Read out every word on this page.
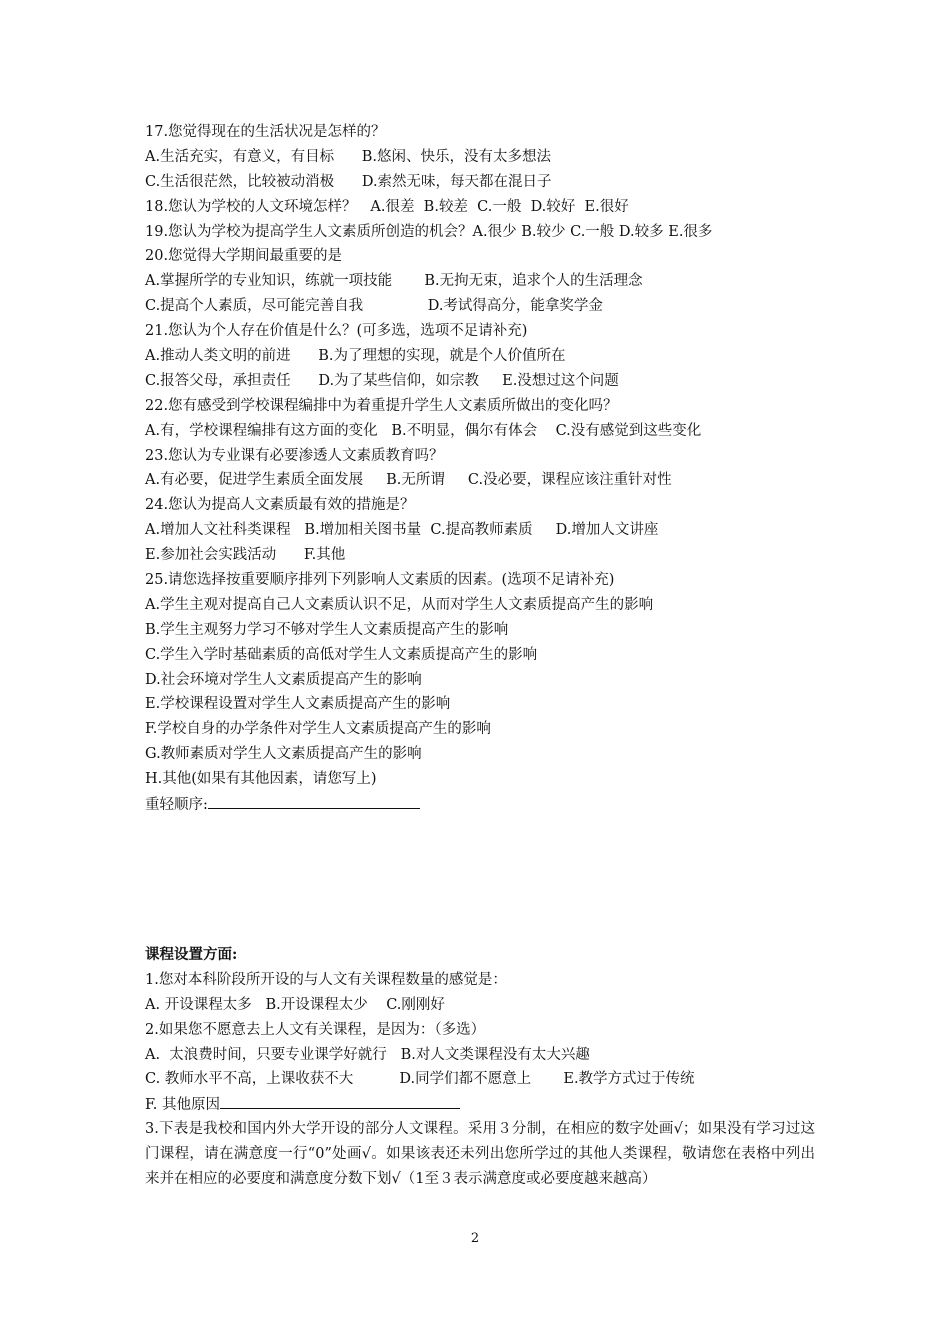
17.您觉得现在的生活状况是怎样的？
A.生活充实，有意义，有目标      B.悠闲、快乐，没有太多想法
C.生活很茫然，比较被动消极      D.索然无味，每天都在混日子
18.您认为学校的人文环境怎样？   A.很差  B.较差  C.一般  D.较好  E.很好
19.您认为学校为提高学生人文素质所创造的机会？A.很少 B.较少 C.一般 D.较多 E.很多
20.您觉得大学期间最重要的是
A.掌握所学的专业知识，练就一项技能       B.无拘无束，追求个人的生活理念
C.提高个人素质，尽可能完善自我              D.考试得高分，能拿奖学金
21.您认为个人存在价值是什么？(可多选，选项不足请补充)
A.推动人类文明的前进      B.为了理想的实现，就是个人价值所在
C.报答父母，承担责任      D.为了某些信仰，如宗教     E.没想过这个问题
22.您有感受到学校课程编排中为着重提升学生人文素质所做出的变化吗？
A.有，学校课程编排有这方面的变化   B.不明显，偶尔有体会    C.没有感觉到这些变化
23.您认为专业课有必要渗透人文素质教育吗？
A.有必要，促进学生素质全面发展     B.无所谓     C.没必要，课程应该注重针对性
24.您认为提高人文素质最有效的措施是？
A.增加人文社科类课程   B.增加相关图书量  C.提高教师素质     D.增加人文讲座
E.参加社会实践活动      F.其他
25.请您选择按重要顺序排列下列影响人文素质的因素。(选项不足请补充)
A.学生主观对提高自己人文素质认识不足，从而对学生人文素质提高产生的影响
B.学生主观努力学习不够对学生人文素质提高产生的影响
C.学生入学时基础素质的高低对学生人文素质提高产生的影响
D.社会环境对学生人文素质提高产生的影响
E.学校课程设置对学生人文素质提高产生的影响
F.学校自身的办学条件对学生人文素质提高产生的影响
G.教师素质对学生人文素质提高产生的影响
H.其他(如果有其他因素，请您写上)
重轻顺序:
课程设置方面:
1.您对本科阶段所开设的与人文有关课程数量的感觉是：
A. 开设课程太多   B.开设课程太少    C.刚刚好
2.如果您不愿意去上人文有关课程，是因为：（多选）
A.  太浪费时间，只要专业课学好就行   B.对人文类课程没有太大兴趣
C. 教师水平不高，上课收获不大          D.同学们都不愿意上       E.教学方式过于传统
F. 其他原因
3.下表是我校和国内外大学开设的部分人文课程。采用３分制，在相应的数字处画√；如果没有学习过这门课程，请在满意度一行“0”处画√。如果该表还未列出您所学过的其他人类课程，敬请您在表格中列出来并在相应的必要度和满意度分数下划√（1至３表示满意度或必要度越来越高）
2
